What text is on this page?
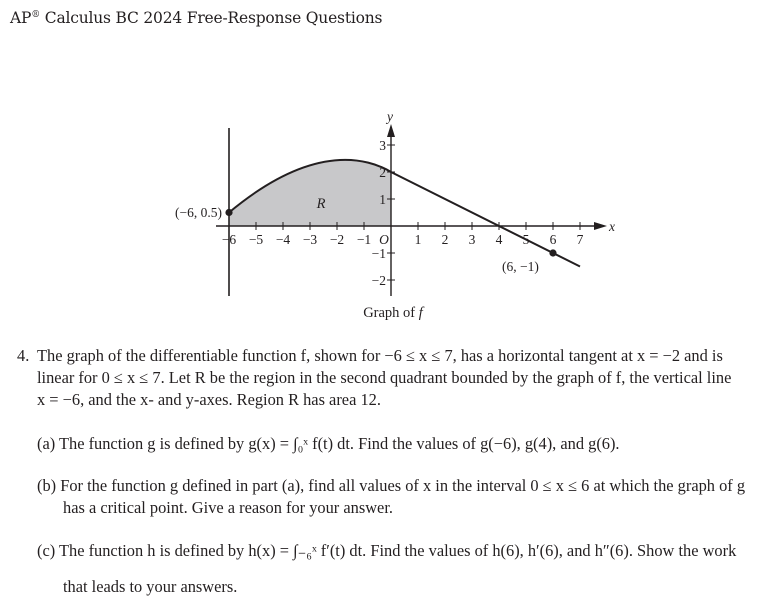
AP® Calculus BC 2024 Free-Response Questions
−6 −5 −4 −3 −2 −1 O 1 2 3 4 5 6 7
3
2
1
−1
−2
x
y
R
(−6, 0.5)
(6, −1)
Graph of f
4. The graph of the differentiable function f, shown for −6 ≤ x ≤ 7, has a horizontal tangent at x = −2 and is
linear for 0 ≤ x ≤ 7. Let R be the region in the second quadrant bounded by the graph of f, the vertical line
x = −6, and the x- and y-axes. Region R has area 12.
(a) The function g is defined by g(x) = ∫₀ˣ f(t) dt. Find the values of g(−6), g(4), and g(6).
(b) For the function g defined in part (a), find all values of x in the interval 0 ≤ x ≤ 6 at which the graph of g
has a critical point. Give a reason for your answer.
(c) The function h is defined by h(x) = ∫₋₆ˣ f′(t) dt. Find the values of h(6), h′(6), and h″(6). Show the work
that leads to your answers.
